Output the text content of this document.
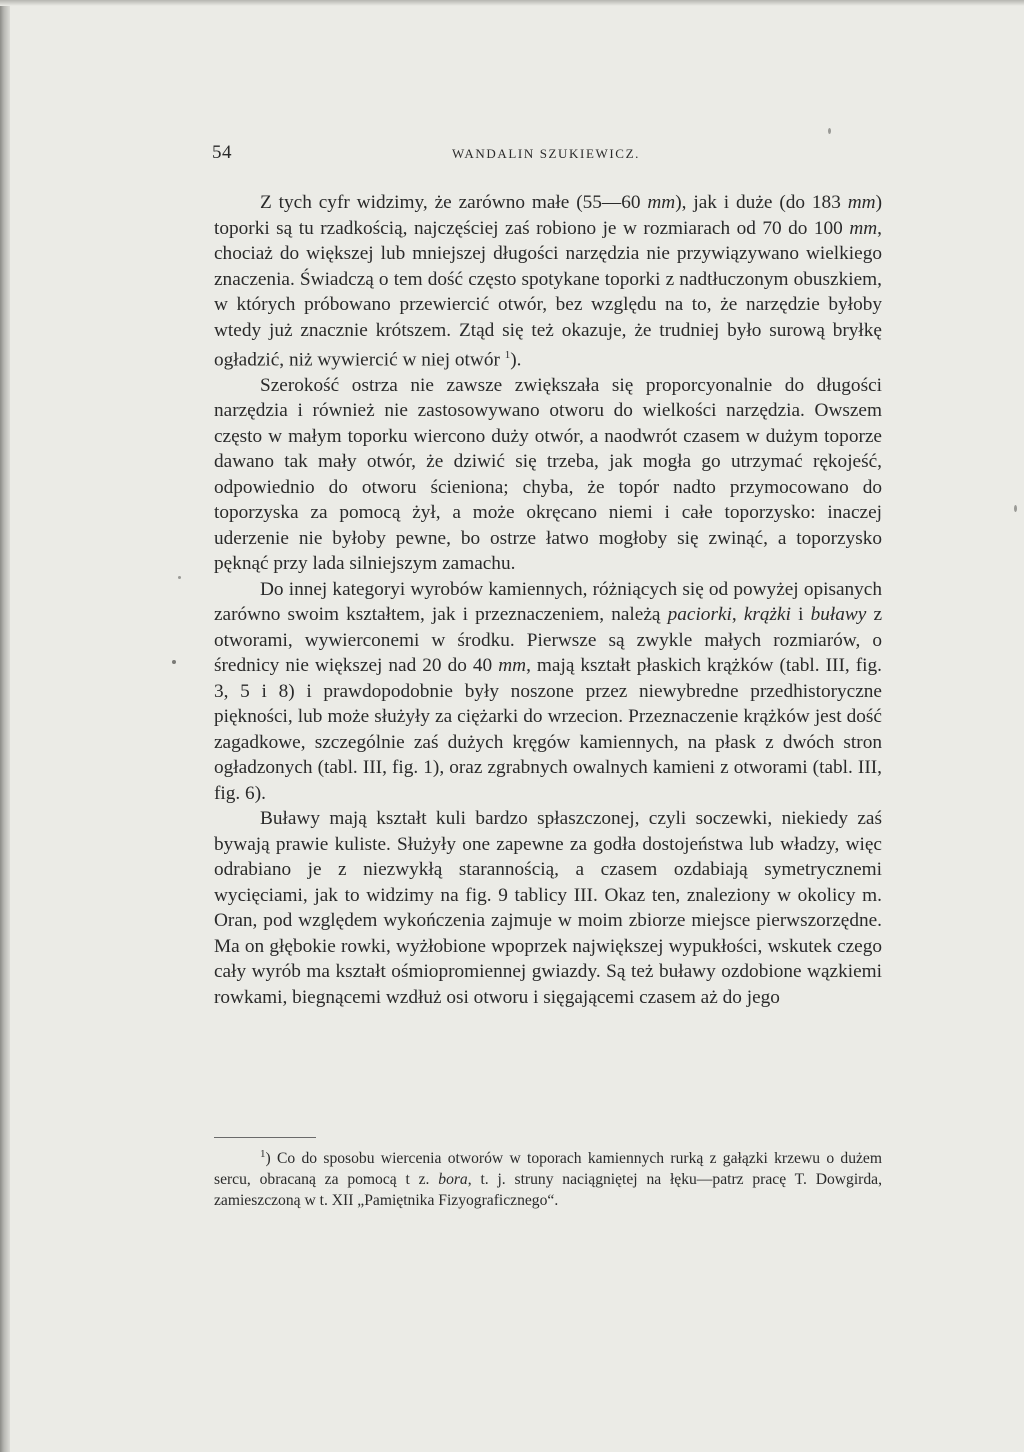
54	WANDALIN SZUKIEWICZ.

Z tych cyfr widzimy, że zarówno małe (55—60 mm), jak i duże (do 183 mm) toporki są tu rzadkością, najczęściej zaś robiono je w rozmiarach od 70 do 100 mm, chociaż do większej lub mniejszej długości narzędzia nie przywiązywano wielkiego znaczenia. Świadczą o tem dość często spotykane toporki z nadtłuczonym obuszkiem, w których próbowano przewiercić otwór, bez względu na to, że narzędzie byłoby wtedy już znacznie krótszem. Ztąd się też okazuje, że trudniej było surową bryłkę ogładzić, niż wywiercić w niej otwór $^1$).

Szerokość ostrza nie zawsze zwiększała się proporcyonalnie do długości narzędzia i również nie zastosowywano otworu do wielkości narzędzia. Owszem często w małym toporku wiercono duży otwór, a naodwrót czasem w dużym toporze dawano tak mały otwór, że dziwić się trzeba, jak mogła go utrzymać rękojeść, odpowiednio do otworu ścieniona; chyba, że topór nadto przymocowano do toporzyska za pomocą żył, a może okręcano niemi i całe toporzysko: inaczej uderzenie nie byłoby pewne, bo ostrze łatwo mogłoby się zwinąć, a toporzysko pęknąć przy lada silniejszym zamachu.

Do innej kategoryi wyrobów kamiennych, różniących się od powyżej opisanych zarówno swoim kształtem, jak i przeznaczeniem, należą paciorki, krążki i buławy z otworami, wywierconemi w środku. Pierwsze są zwykle małych rozmiarów, o średnicy nie większej nad 20 do 40 mm, mają kształt płaskich krążków (tabl. III, fig. 3, 5 i 8) i prawdopodobnie były noszone przez niewybredne przedhistoryczne piękności, lub może służyły za ciężarki do wrzecion. Przeznaczenie krążków jest dość zagadkowe, szczególnie zaś dużych kręgów kamiennych, na płask z dwóch stron ogładzonych (tabl. III, fig. 1), oraz zgrabnych owalnych kamieni z otworami (tabl. III, fig. 6).

Buławy mają kształt kuli bardzo spłaszczonej, czyli soczewki, niekiedy zaś bywają prawie kuliste. Służyły one zapewne za godła dostojeństwa lub władzy, więc odrabiano je z niezwykłą starannością, a czasem ozdabiają symetrycznemi wycięciami, jak to widzimy na fig. 9 tablicy III. Okaz ten, znaleziony w okolicy m. Oran, pod względem wykończenia zajmuje w moim zbiorze miejsce pierwszorzędne. Ma on głębokie rowki, wyżłobione wpoprzek największej wypukłości, wskutek czego cały wyrób ma kształt ośmiopromiennej gwiazdy. Są też buławy ozdobione wązkiemi rowkami, biegnącemi wzdłuż osi otworu i sięgającemi czasem aż do jego

$^1$) Co do sposobu wiercenia otworów w toporach kamiennych rurką z gałązki krzewu o dużem sercu, obracaną za pomocą t z. bora, t. j. struny naciągniętej na łęku—patrz pracę T. Dowgirda, zamieszczoną w t. XII „Pamiętnika Fizyograficznego“.
